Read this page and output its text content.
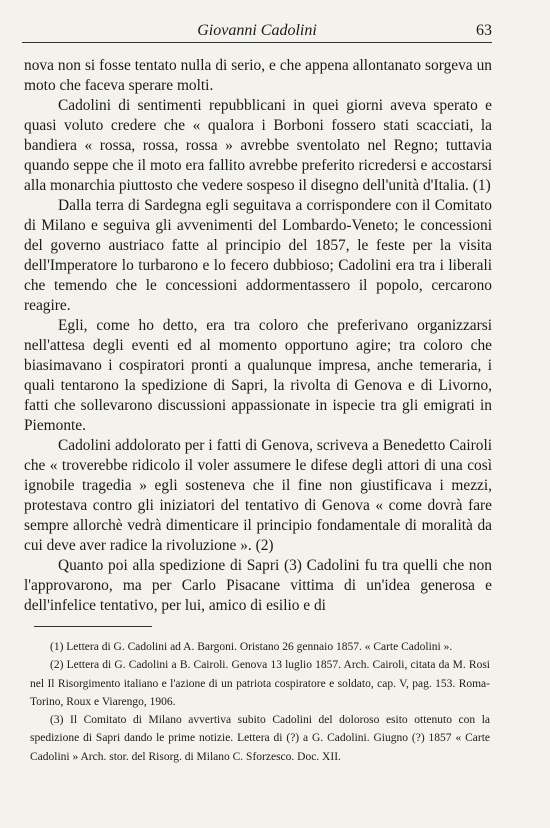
Giovanni Cadolini	63

nova non si fosse tentato nulla di serio, e che appena allontanato sorgeva un moto che faceva sperare molti.

Cadolini di sentimenti repubblicani in quei giorni aveva sperato e quasi voluto credere che « qualora i Borboni fossero stati scacciati, la bandiera « rossa, rossa, rossa » avrebbe sventolato nel Regno; tuttavia quando seppe che il moto era fallito avrebbe preferito ricredersi e accostarsi alla monarchia piuttosto che vedere sospeso il disegno dell'unità d'Italia. (1)

Dalla terra di Sardegna egli seguitava a corrispondere con il Comitato di Milano e seguiva gli avvenimenti del Lombardo-Veneto; le concessioni del governo austriaco fatte al principio del 1857, le feste per la visita dell'Imperatore lo turbarono e lo fecero dubbioso; Cadolini era tra i liberali che temendo che le concessioni addormentassero il popolo, cercarono reagire.

Egli, come ho detto, era tra coloro che preferivano organizzarsi nell'attesa degli eventi ed al momento opportuno agire; tra coloro che biasimavano i cospiratori pronti a qualunque impresa, anche temeraria, i quali tentarono la spedizione di Sapri, la rivolta di Genova e di Livorno, fatti che sollevarono discussioni appassionate in ispecie tra gli emigrati in Piemonte.

Cadolini addolorato per i fatti di Genova, scriveva a Benedetto Cairoli che « troverebbe ridicolo il voler assumere le difese degli attori di una così ignobile tragedia » egli sosteneva che il fine non giustificava i mezzi, protestava contro gli iniziatori del tentativo di Genova « come dovrà fare sempre allorchè vedrà dimenticare il principio fondamentale di moralità da cui deve aver radice la rivoluzione ». (2)

Quanto poi alla spedizione di Sapri (3) Cadolini fu tra quelli che non l'approvarono, ma per Carlo Pisacane vittima di un'idea generosa e dell'infelice tentativo, per lui, amico di esilio e di

(1) Lettera di G. Cadolini ad A. Bargoni. Oristano 26 gennaio 1857. « Carte Cadolini ».

(2) Lettera di G. Cadolini a B. Cairoli. Genova 13 luglio 1857. Arch. Cairoli, citata da M. Rosi nel Il Risorgimento italiano e l'azione di un patriota cospiratore e soldato, cap. V, pag. 153. Roma-Torino, Roux e Viarengo, 1906.

(3) Il Comitato di Milano avvertiva subito Cadolini del doloroso esito ottenuto con la spedizione di Sapri dando le prime notizie. Lettera di (?) a G. Cadolini. Giugno (?) 1857 « Carte Cadolini » Arch. stor. del Risorg. di Milano C. Sforzesco. Doc. XII.
